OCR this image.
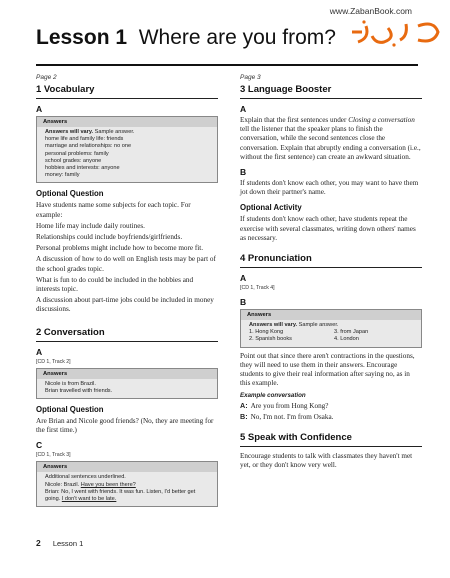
Lesson 1 Where are you from?
www.ZabanBook.com

Page 2

1 Vocabulary
A
Answers

Answers will vary. Sample answer.

home life and family life: friends

marriage and relationships: no one

personal problems: family

school grades: anyone

hobbies and interests: anyone

money: family

Optional Question

Have students name some subjects for each topic. For example:

Home life may include daily routines.

Relationships could include boyfriends/girlfriends.

Personal problems might include how to become more fit.

A discussion of how to do well on English tests may be part of the school grades topic.

What is fun to do could be included in the hobbies and interests topic.

A discussion about part-time jobs could be included in money discussions.

2 Conversation
A
[CD 1, Track 2]
Answers

Nicole is from Brazil.

Brian travelled with friends.

Optional Question

Are Brian and Nicole good friends? (No, they are meeting for the first time.)

C
[CD 1, Track 3]
Answers

Additional sentences underlined.

Nicole: Brazil. Have you been there?

Brian: No, I went with friends. It was fun. Listen, I'd better get going. I don't want to be late.

Page 3

3 Language Booster
A

Explain that the first sentences under Closing a conversation tell the listener that the speaker plans to finish the conversation, while the second sentences close the conversation. Explain that abruptly ending a conversation (i.e., without the first sentence) can create an awkward situation.

B

If students don't know each other, you may want to have them jot down their partner's name.

Optional Activity

If students don't know each other, have students repeat the exercise with several classmates, writing down others' names as necessary.

4 Pronunciation
A
[CD 1, Track 4]
B
Answers

Answers will vary. Sample answer.

1. Hong Kong	3. from Japan
2. Spanish books	4. London

Point out that since there aren't contractions in the questions, they will need to use them in their answers. Encourage students to give their real information after saying no, as in this example.

Example conversation

A: Are you from Hong Kong?

B: No, I'm not. I'm from Osaka.

5 Speak with Confidence

Encourage students to talk with classmates they haven't met yet, or they don't know very well.

2 Lesson 1
